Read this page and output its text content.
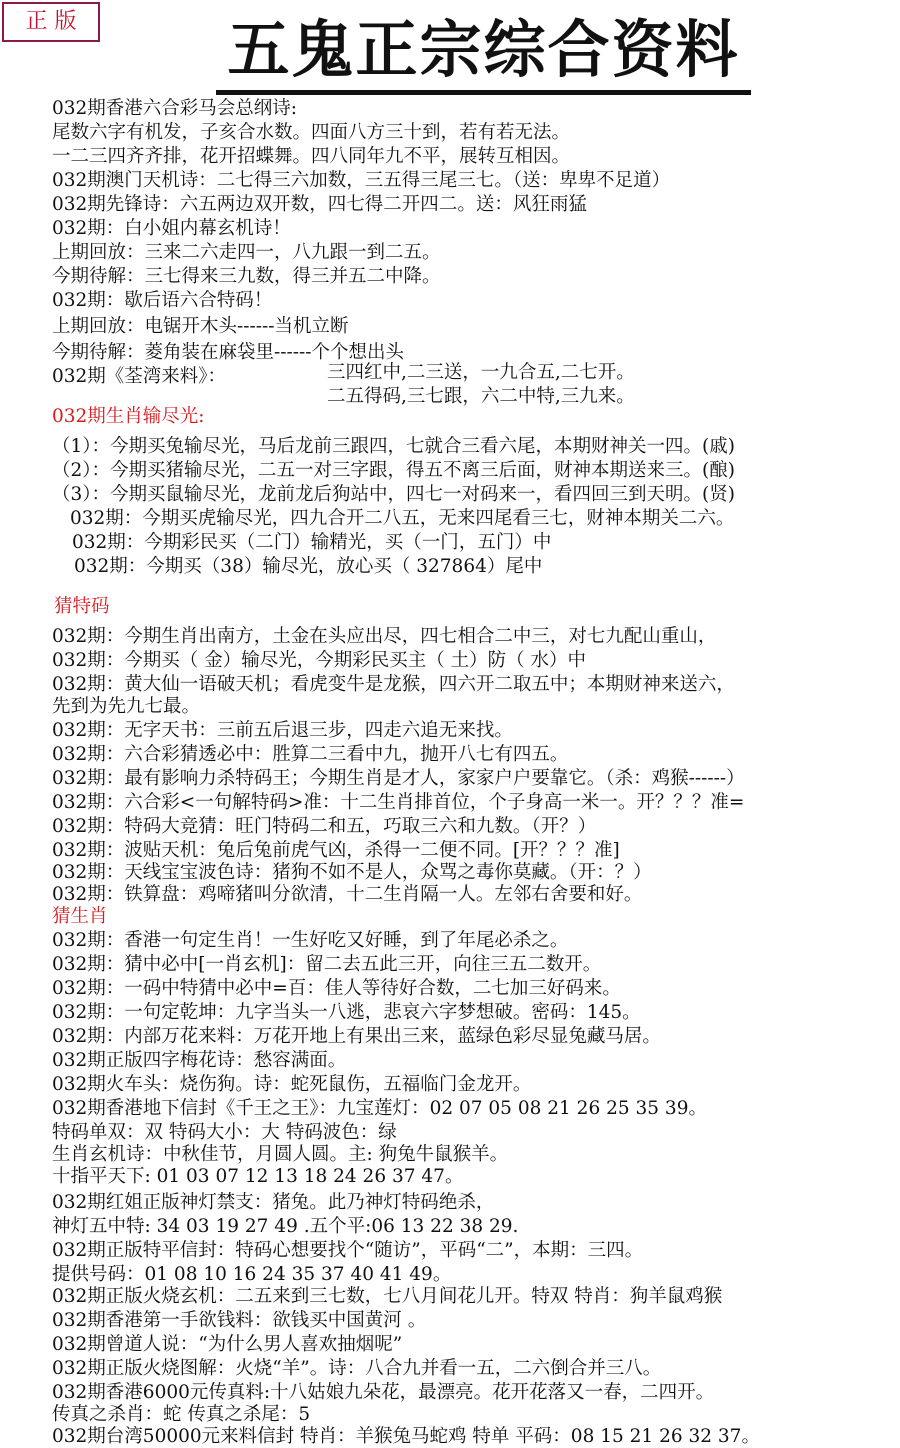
正 版	五鬼正宗综合资料
032期香港六合彩马会总纲诗:
尾数六字有机发，子亥合水数。四面八方三十到，若有若无法。
一二三四齐齐排，花开招蝶舞。四八同年九不平，展转互相因。
032期澳门天机诗：二七得三六加数，三五得三尾三七。（送：卑卑不足道）
032期先锋诗：六五两边双开数，四七得二开四二。送：风狂雨猛
032期：白小姐内幕玄机诗！
上期回放：三来二六走四一，八九跟一到二五。
今期待解：三七得来三九数，得三并五二中降。
032期：歇后语六合特码！
上期回放：电锯开木头------当机立断
今期待解：菱角装在麻袋里------个个想出头
032期《荃湾来料》：	三四红中,二三送，一九合五,二七开。
二五得码,三七跟，六二中特,三九来。
032期生肖输尽光:
（1）：今期买兔输尽光，马后龙前三跟四，七就合三看六尾，本期财神关一四。(戚)
（2）：今期买猪输尽光，二五一对三字跟，得五不离三后面，财神本期送来三。(酿)
（3）：今期买鼠输尽光，龙前龙后狗站中，四七一对码来一，看四回三到天明。(贤)
032期：今期买虎输尽光，四九合开二八五，无来四尾看三七，财神本期关二六。
032期：今期彩民买（二门）输精光，买（一门，五门）中
032期：今期买（38）输尽光，放心买（ 327864）尾中
猜特码
032期：今期生肖出南方，土金在头应出尽，四七相合二中三，对七九配山重山，
032期：今期买（ 金）输尽光，今期彩民买主（ 土）防（ 水）中
032期：黄大仙一语破天机；看虎变牛是龙猴，四六开二取五中；本期财神来送六，
先到为先九七最。
032期：无字天书：三前五后退三步，四走六追无来找。
032期：六合彩猜透必中：胜算二三看中九，抛开八七有四五。
032期：最有影响力杀特码王；今期生肖是才人，家家户户要靠它。（杀：鸡猴------）
032期：六合彩<一句解特码>准：十二生肖排首位，个子身高一米一。开？？？准=
032期：特码大竞猜：旺门特码二和五，巧取三六和九数。（开？）
032期：波贴天机：兔后兔前虎气凶，杀得一二便不同。[开？？？准]
032期：天线宝宝波色诗：猪狗不如不是人，众骂之毒你莫藏。（开：？）
032期：铁算盘：鸡啼猪叫分欲清，十二生肖隔一人。左邻右舍要和好。
猜生肖
032期：香港一句定生肖！一生好吃又好睡，到了年尾必杀之。
032期：猜中必中[一肖玄机]：留二去五此三开，向往三五二数开。
032期：一码中特猜中必中=百：佳人等待好合数，二七加三好码来。
032期：一句定乾坤：九字当头一八逃，悲哀六字梦想破。密码：145。
032期：内部万花来料：万花开地上有果出三来，蓝绿色彩尽显兔藏马居。
032期正版四字梅花诗：愁容满面。
032期火车头：烧伤狗。诗：蛇死鼠伤，五福临门金龙开。
032期香港地下信封《千王之王》：九宝莲灯：02 07 05 08 21 26 25 35 39。
特码单双：双 特码大小：大 特码波色：绿
生肖玄机诗：中秋佳节，月圆人圆。主: 狗兔牛鼠猴羊。
十指平天下: 01 03 07 12 13 18 24 26 37 47。
032期红姐正版神灯禁支：猪兔。此乃神灯特码绝杀，
神灯五中特: 34 03 19 27 49 .五个平:06 13 22 38 29.
032期正版特平信封：特码心想要找个“随访”，平码“二”，本期：三四。
提供号码：01 08 10 16 24 35 37 40 41 49。
032期正版火烧玄机：二五来到三七数，七八月间花儿开。特双 特肖：狗羊鼠鸡猴
032期香港第一手欲钱料：欲钱买中国黄河 。
032期曾道人说：“为什么男人喜欢抽烟呢”
032期正版火烧图解：火烧“羊”。诗：八合九并看一五，二六倒合并三八。
032期香港6000元传真料:十八姑娘九朵花，最漂亮。花开花落又一春，二四开。
传真之杀肖：蛇 传真之杀尾：5
032期台湾50000元来料信封 特肖：羊猴兔马蛇鸡 特单 平码：08 15 21 26 32 37。
